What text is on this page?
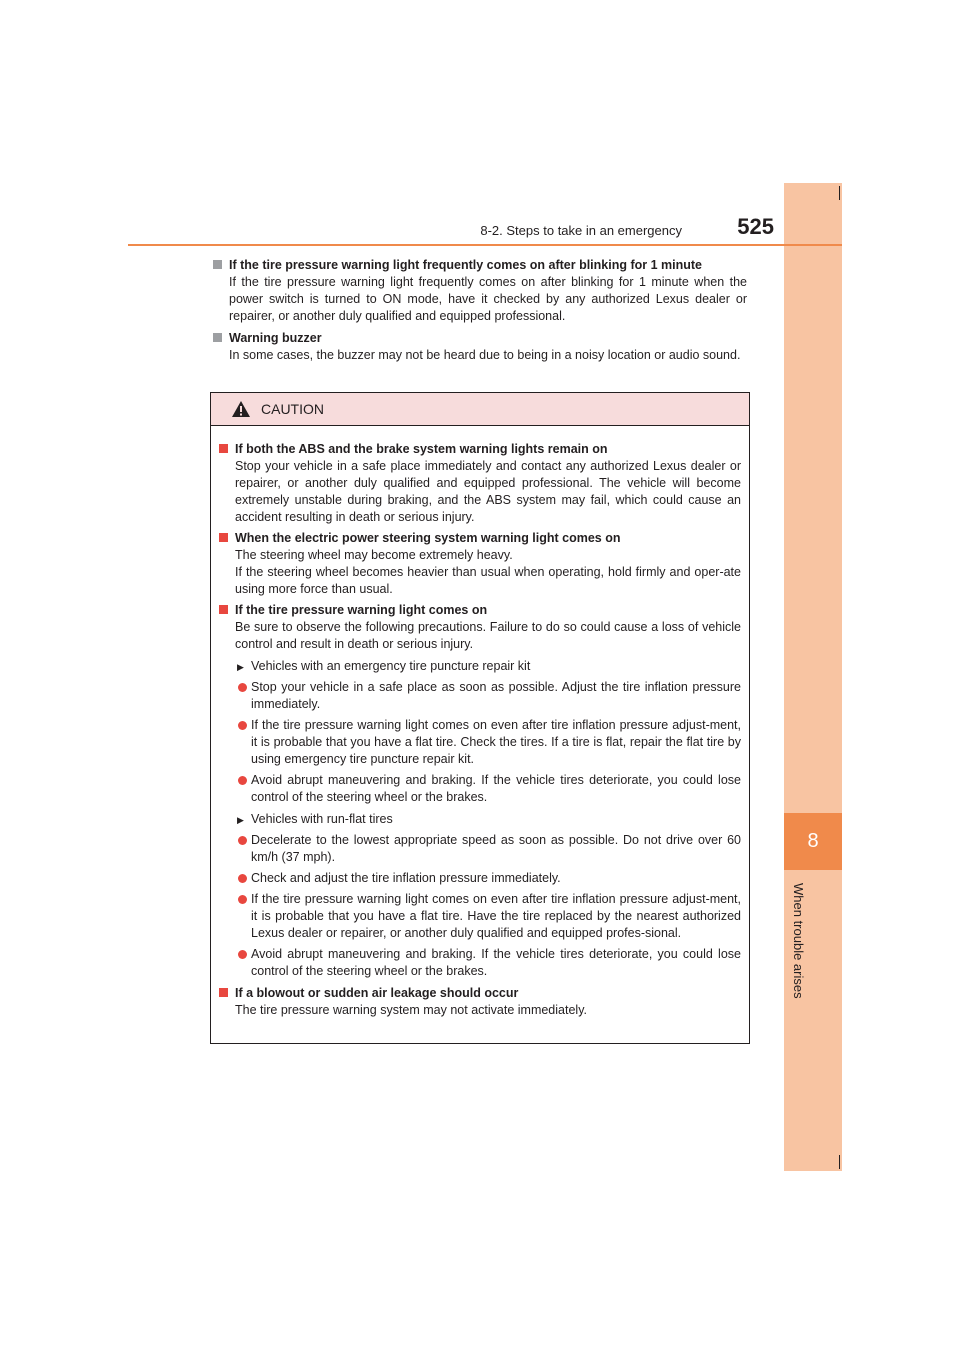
8
When trouble arises
8-2. Steps to take in an emergency	525
If the tire pressure warning light frequently comes on after blinking for 1 minute
If the tire pressure warning light frequently comes on after blinking for 1 minute when the power switch is turned to ON mode, have it checked by any authorized Lexus dealer or repairer, or another duly qualified and equipped professional.
Warning buzzer
In some cases, the buzzer may not be heard due to being in a noisy location or audio sound.
CAUTION
If both the ABS and the brake system warning lights remain on
Stop your vehicle in a safe place immediately and contact any authorized Lexus dealer or repairer, or another duly qualified and equipped professional. The vehicle will become extremely unstable during braking, and the ABS system may fail, which could cause an accident resulting in death or serious injury.
When the electric power steering system warning light comes on
The steering wheel may become extremely heavy.
If the steering wheel becomes heavier than usual when operating, hold firmly and oper-ate using more force than usual.
If the tire pressure warning light comes on
Be sure to observe the following precautions. Failure to do so could cause a loss of vehicle control and result in death or serious injury.
▶ Vehicles with an emergency tire puncture repair kit
Stop your vehicle in a safe place as soon as possible. Adjust the tire inflation pressure immediately.
If the tire pressure warning light comes on even after tire inflation pressure adjust-ment, it is probable that you have a flat tire. Check the tires. If a tire is flat, repair the flat tire by using emergency tire puncture repair kit.
Avoid abrupt maneuvering and braking. If the vehicle tires deteriorate, you could lose control of the steering wheel or the brakes.
▶ Vehicles with run-flat tires
Decelerate to the lowest appropriate speed as soon as possible. Do not drive over 60 km/h (37 mph).
Check and adjust the tire inflation pressure immediately.
If the tire pressure warning light comes on even after tire inflation pressure adjust-ment, it is probable that you have a flat tire. Have the tire replaced by the nearest authorized Lexus dealer or repairer, or another duly qualified and equipped profes-sional.
Avoid abrupt maneuvering and braking. If the vehicle tires deteriorate, you could lose control of the steering wheel or the brakes.
If a blowout or sudden air leakage should occur
The tire pressure warning system may not activate immediately.
